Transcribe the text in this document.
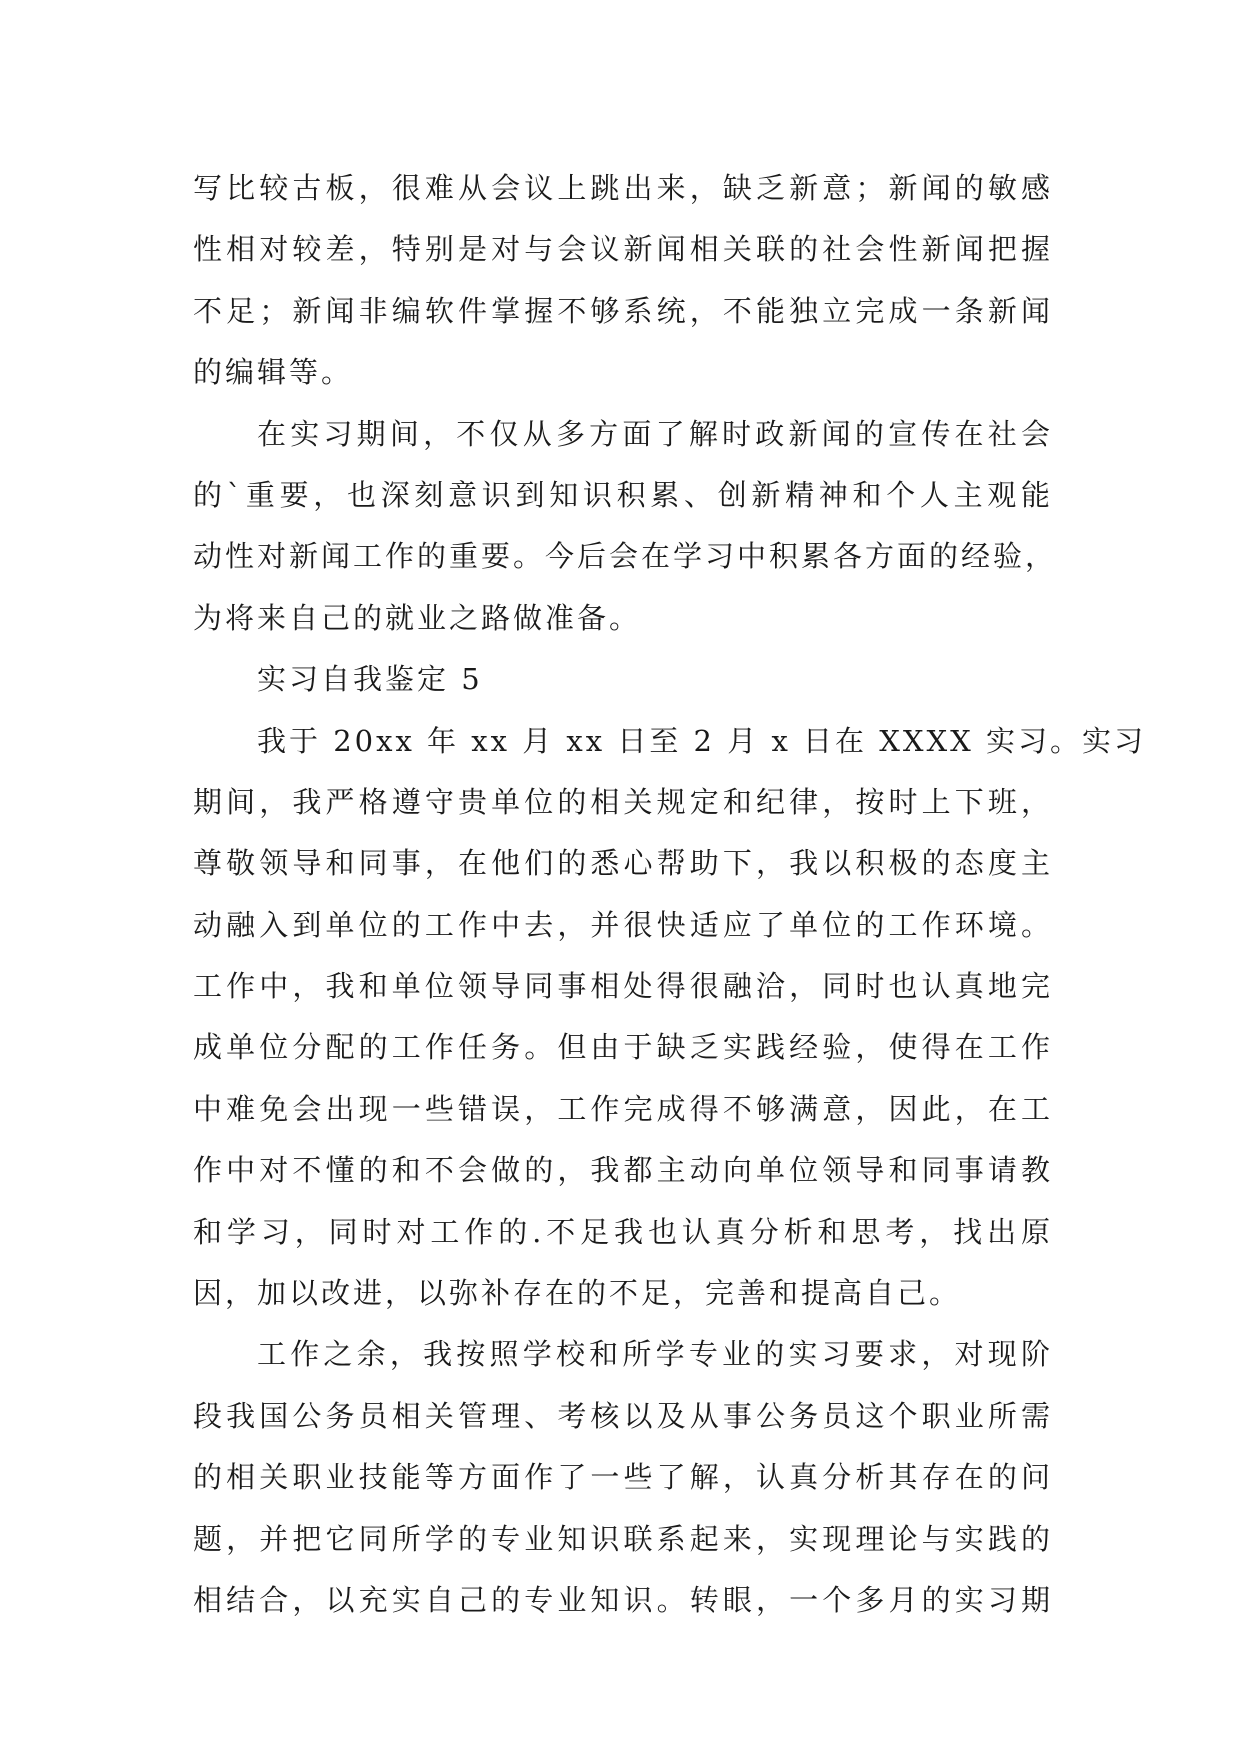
写比较古板，很难从会议上跳出来，缺乏新意；新闻的敏感
性相对较差，特别是对与会议新闻相关联的社会性新闻把握
不足；新闻非编软件掌握不够系统，不能独立完成一条新闻
的编辑等。
在实习期间，不仅从多方面了解时政新闻的宣传在社会
的`重要，也深刻意识到知识积累、创新精神和个人主观能
动性对新闻工作的重要。今后会在学习中积累各方面的经验，
为将来自己的就业之路做准备。
实习自我鉴定 5
我于 20xx 年 xx 月 xx 日至 2 月 x 日在 XXXX 实习。实习
期间，我严格遵守贵单位的相关规定和纪律，按时上下班，
尊敬领导和同事，在他们的悉心帮助下，我以积极的态度主
动融入到单位的工作中去，并很快适应了单位的工作环境。
工作中，我和单位领导同事相处得很融洽，同时也认真地完
成单位分配的工作任务。但由于缺乏实践经验，使得在工作
中难免会出现一些错误，工作完成得不够满意，因此，在工
作中对不懂的和不会做的，我都主动向单位领导和同事请教
和学习，同时对工作的.不足我也认真分析和思考，找出原
因，加以改进，以弥补存在的不足，完善和提高自己。
工作之余，我按照学校和所学专业的实习要求，对现阶
段我国公务员相关管理、考核以及从事公务员这个职业所需
的相关职业技能等方面作了一些了解，认真分析其存在的问
题，并把它同所学的专业知识联系起来，实现理论与实践的
相结合，以充实自己的专业知识。转眼，一个多月的实习期
